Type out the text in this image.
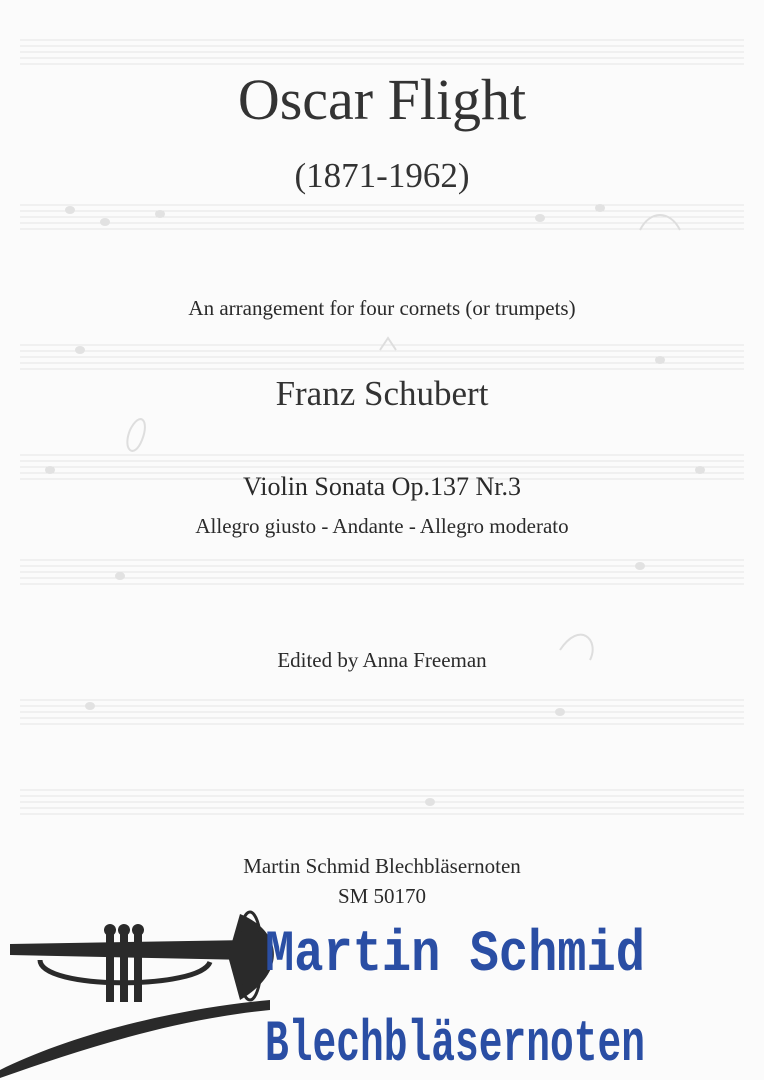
Oscar Flight
(1871-1962)
An arrangement for four cornets (or trumpets)
Franz Schubert
Violin Sonata Op.137 Nr.3
Allegro giusto - Andante - Allegro moderato
Edited by Anna Freeman
Martin Schmid Blechbläsernoten
SM 50170
Martin Schmid
Blechbläsernoten
